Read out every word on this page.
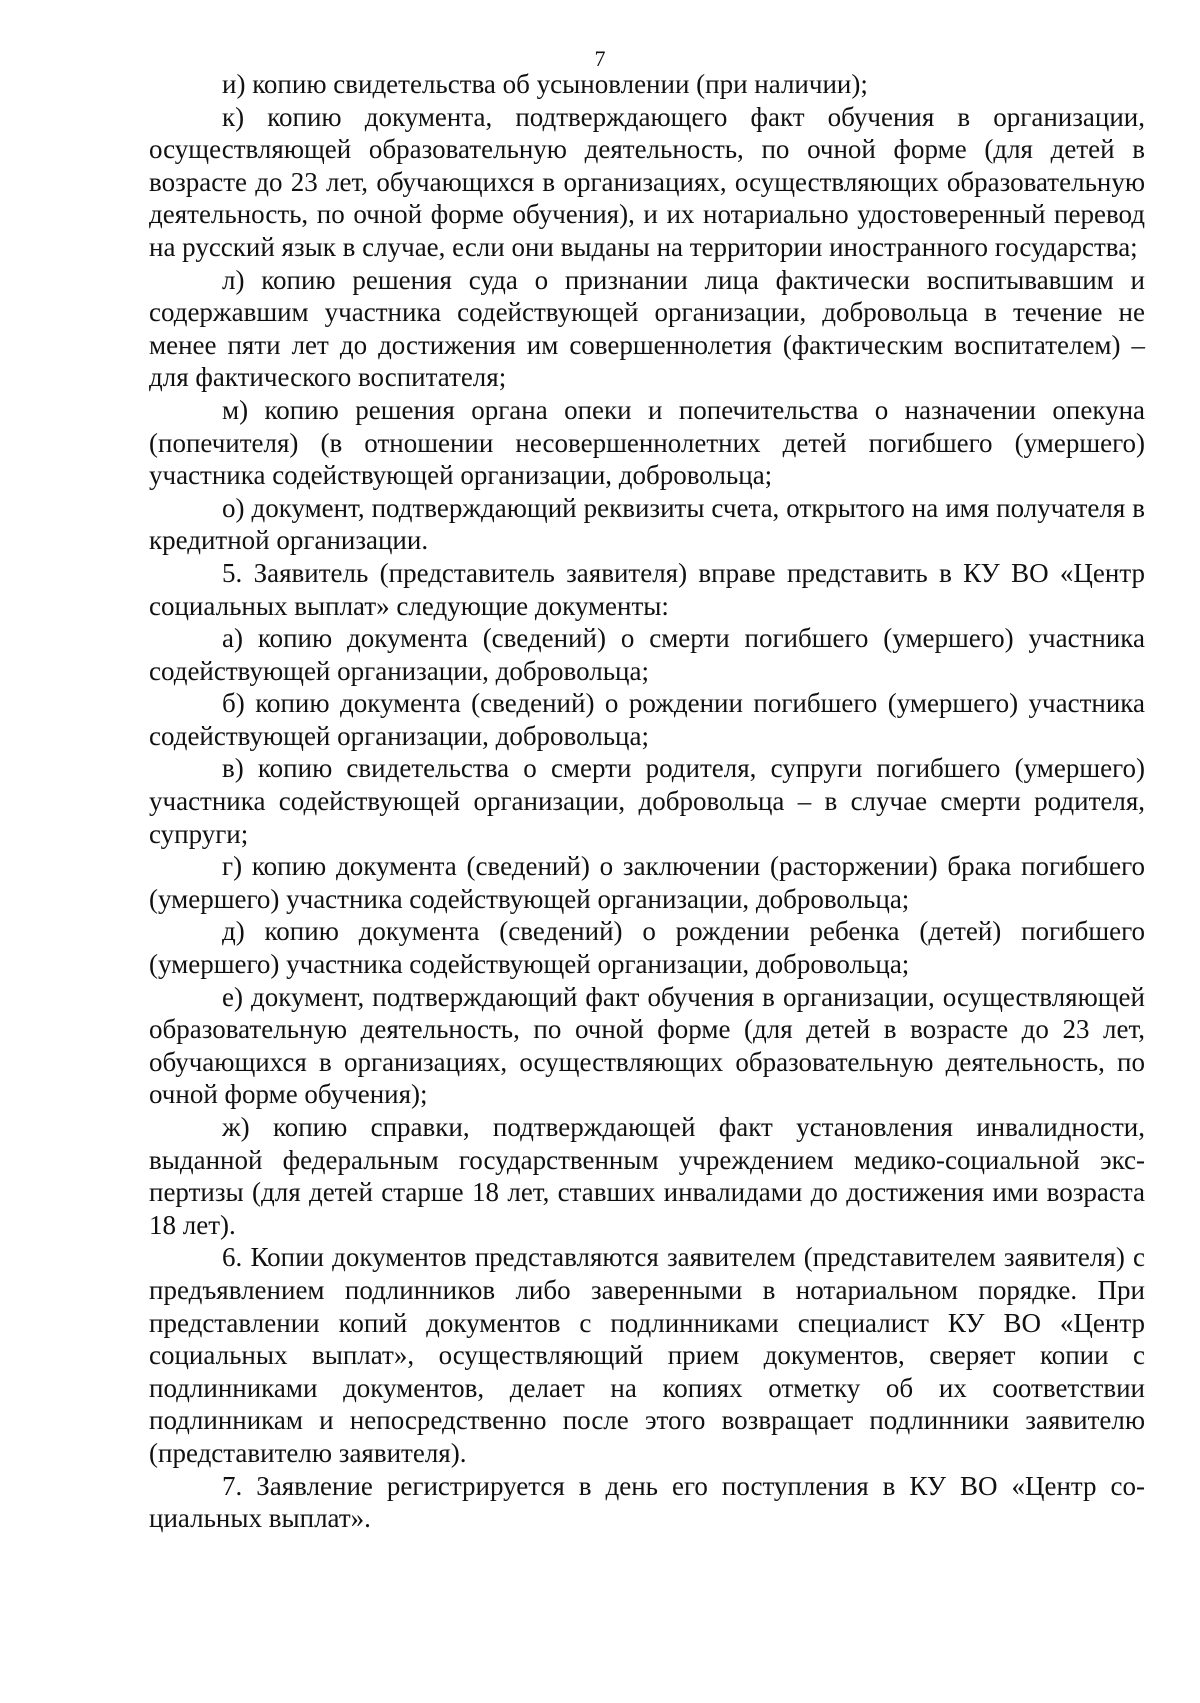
7

и) копию свидетельства об усыновлении (при наличии);

к) копию документа, подтверждающего факт обучения в организации, осуществляющей образовательную деятельность, по очной форме (для детей в возрасте до 23 лет, обучающихся в организациях, осуществляющих образовательную деятельность, по очной форме обучения), и их нотариально удостоверенный перевод на русский язык в случае, если они выданы на территории иностранного государства;

л) копию решения суда о признании лица фактически воспитывавшим и содержавшим участника содействующей организации, добровольца в течение не менее пяти лет до достижения им совершеннолетия (фактическим воспитателем) – для фактического воспитателя;

м) копию решения органа опеки и попечительства о назначении опекуна (попечителя) (в отношении несовершеннолетних детей погибшего (умершего) участника содействующей организации, добровольца;

о) документ, подтверждающий реквизиты счета, открытого на имя получателя в кредитной организации.

5. Заявитель (представитель заявителя) вправе представить в КУ ВО «Центр социальных выплат» следующие документы:

а) копию документа (сведений) о смерти погибшего (умершего) участника содействующей организации, добровольца;

б) копию документа (сведений) о рождении погибшего (умершего) участника содействующей организации, добровольца;

в) копию свидетельства о смерти родителя, супруги погибшего (умершего) участника содействующей организации, добровольца – в случае смерти родителя, супруги;

г) копию документа (сведений) о заключении (расторжении) брака погибшего (умершего) участника содействующей организации, добровольца;

д) копию документа (сведений) о рождении ребенка (детей) погибшего (умершего) участника содействующей организации, добровольца;

е) документ, подтверждающий факт обучения в организации, осуществляющей образовательную деятельность, по очной форме (для детей в возрасте до 23 лет, обучающихся в организациях, осуществляющих образовательную деятельность, по очной форме обучения);

ж) копию справки, подтверждающей факт установления инвалидности, выданной федеральным государственным учреждением медико-социальной экспертизы (для детей старше 18 лет, ставших инвалидами до достижения ими возраста 18 лет).

6. Копии документов представляются заявителем (представителем заявителя) с предъявлением подлинников либо заверенными в нотариальном порядке. При представлении копий документов с подлинниками специалист КУ ВО «Центр социальных выплат», осуществляющий прием документов, сверяет копии с подлинниками документов, делает на копиях отметку об их соответствии подлинникам и непосредственно после этого возвращает подлинники заявителю (представителю заявителя).

7. Заявление регистрируется в день его поступления в КУ ВО «Центр социальных выплат».
